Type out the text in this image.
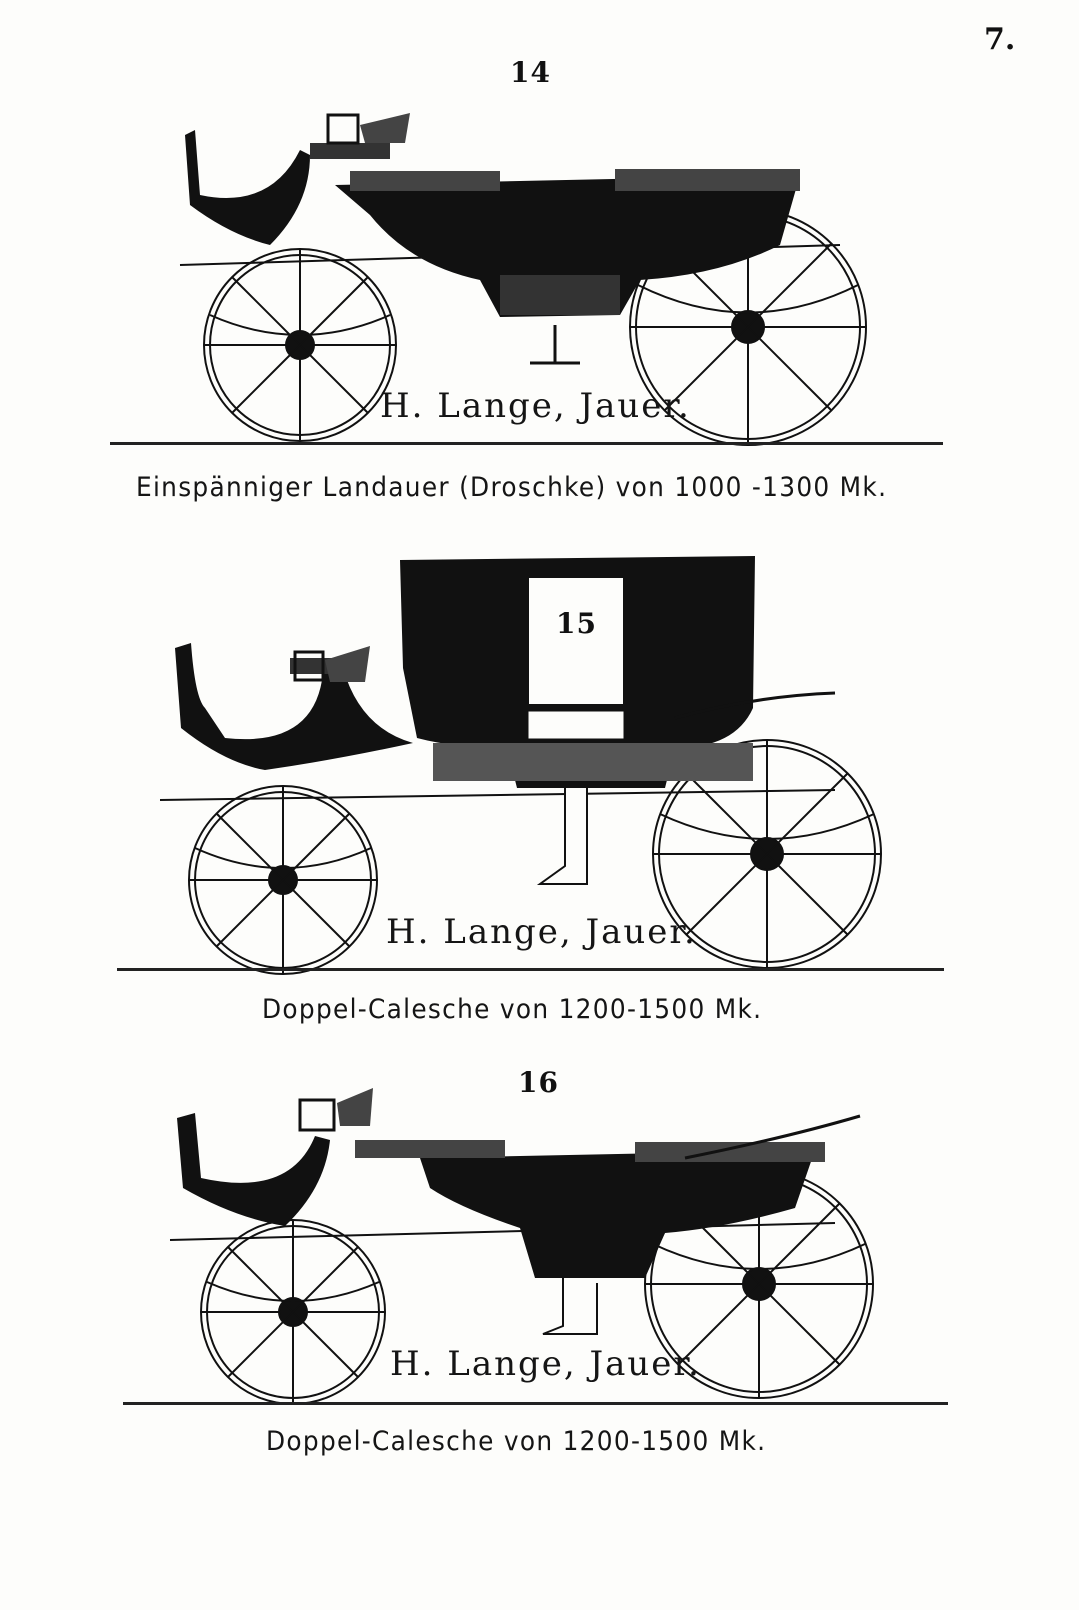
7.
14
H. Lange, Jauer.
Einspänniger Landauer (Droschke) von 1000 -1300 Mk.
15
H. Lange, Jauer.
Doppel-Calesche von 1200-1500 Mk.
16
H. Lange, Jauer.
Doppel-Calesche von 1200-1500 Mk.
